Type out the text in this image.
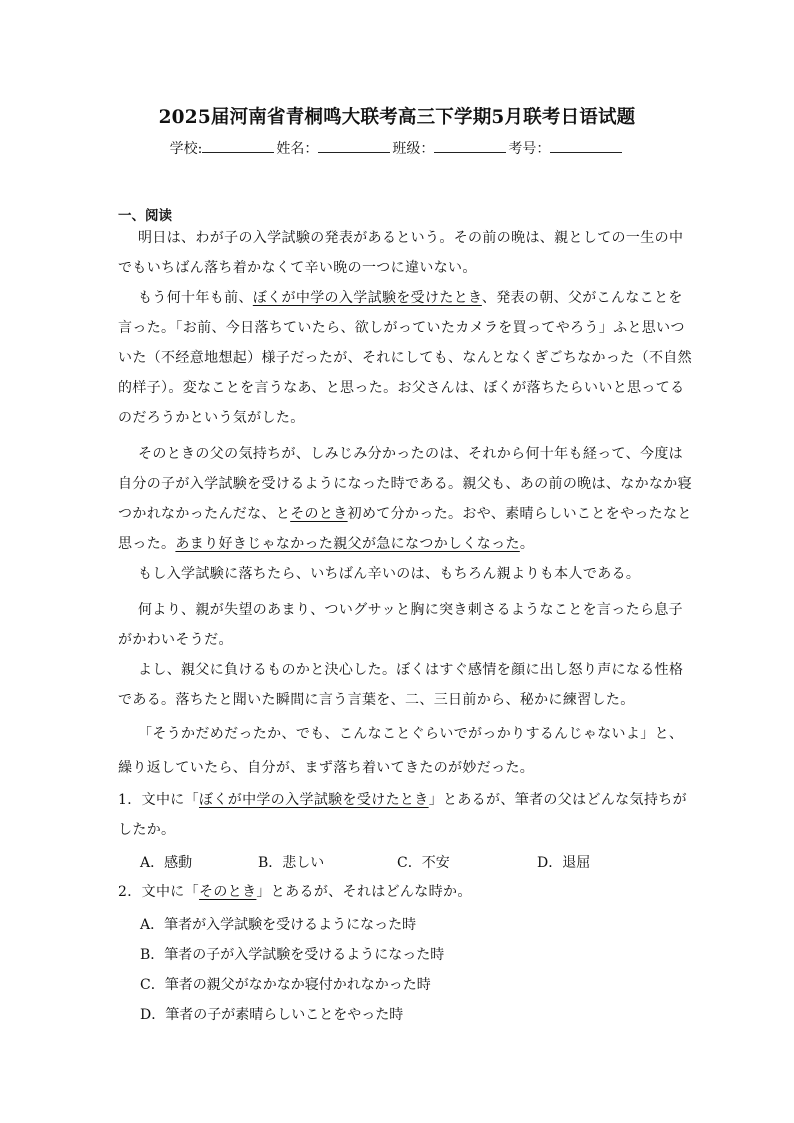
2025届河南省青桐鸣大联考高三下学期5月联考日语试题
学校:	姓名：	班级：	考号：
一、阅读
明日は、わが子の入学試験の発表があるという。その前の晩は、親としての一生の中
でもいちばん落ち着かなくて辛い晩の一つに違いない。
もう何十年も前、ぼくが中学の入学試験を受けたとき、発表の朝、父がこんなことを
言った。「お前、今日落ちていたら、欲しがっていたカメラを買ってやろう」ふと思いつ
いた（不经意地想起）様子だったが、それにしても、なんとなくぎごちなかった（不自然
的样子）。変なことを言うなあ、と思った。お父さんは、ぼくが落ちたらいいと思ってる
のだろうかという気がした。
そのときの父の気持ちが、しみじみ分かったのは、それから何十年も経って、今度は
自分の子が入学試験を受けるようになった時である。親父も、あの前の晩は、なかなか寝
つかれなかったんだな、とそのとき初めて分かった。おや、素晴らしいことをやったなと
思った。あまり好きじゃなかった親父が急になつかしくなった。
もし入学試験に落ちたら、いちばん辛いのは、もちろん親よりも本人である。
何より、親が失望のあまり、ついグサッと胸に突き刺さるようなことを言ったら息子
がかわいそうだ。
よし、親父に負けるものかと決心した。ぼくはすぐ感情を顔に出し怒り声になる性格
である。落ちたと聞いた瞬間に言う言葉を、二、三日前から、秘かに練習した。
「そうかだめだったか、でも、こんなことぐらいでがっかりするんじゃないよ」と、
繰り返していたら、自分が、まず落ち着いてきたのが妙だった。
1．文中に「ぼくが中学の入学試験を受けたとき」とあるが、筆者の父はどんな気持ちが
したか。
A．感動	B．悲しい	C．不安	D．退屈
2．文中に「そのとき」とあるが、それはどんな時か。
A．筆者が入学試験を受けるようになった時
B．筆者の子が入学試験を受けるようになった時
C．筆者の親父がなかなか寝付かれなかった時
D．筆者の子が素晴らしいことをやった時
